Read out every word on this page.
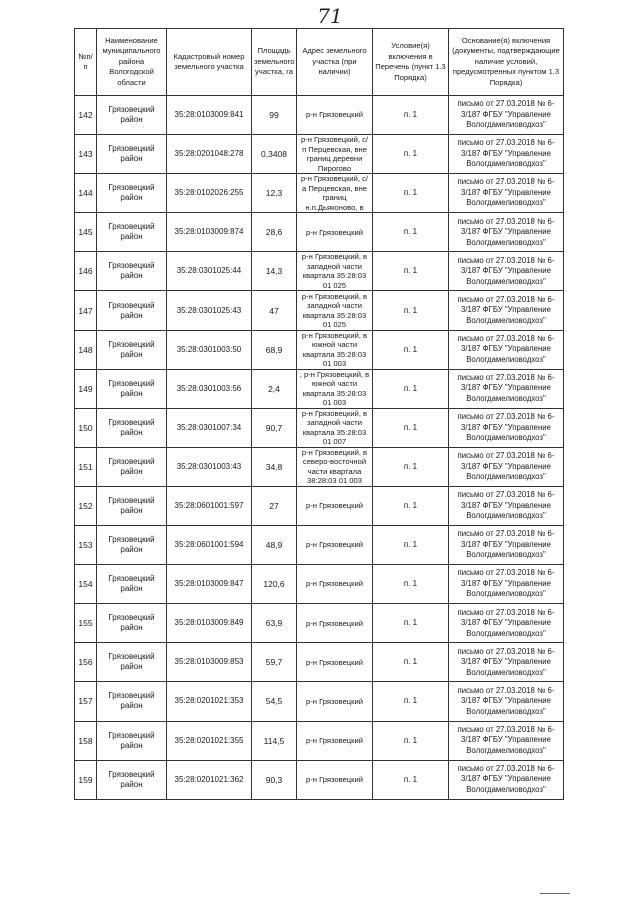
71
№п/п	Наименование муниципального района Вологодской области	Кадастровый номер земельного участка	Площадь земельного участка, га	Адрес земельного участка (при наличии)	Условие(я) включения в Перечень (пункт 1.3 Порядка)	Основание(я) включения (документы, подтверждающие наличие условий, предусмотренных пунктом 1.3 Порядка)

142	Грязовецкий район	35:28:0103009:841	99	р-н Грязовецкий	п. 1	письмо от 27.03.2018 № 6-3/187 ФГБУ "Управление Вологдамелиоводхоз"

143	Грязовецкий район	35:28:0201048:278	0,3408	р-н Грязовецкий, с/п Перцевская, вне границ деревни Пирогово	п. 1	письмо от 27.03.2018 № 6-3/187 ФГБУ "Управление Вологдамелиоводхоз"

144	Грязовецкий район	35:28:0102026:255	12,3	р-н Грязовецкий, с/а Перцевская, вне границ н.п.Дьяконово, в	п. 1	письмо от 27.03.2018 № 6-3/187 ФГБУ "Управление Вологдамелиоводхоз"

145	Грязовецкий район	35:28:0103009:874	28,6	р-н Грязовецкий	п. 1	письмо от 27.03.2018 № 6-3/187 ФГБУ "Управление Вологдамелиоводхоз"

146	Грязовецкий район	35:28:0301025:44	14,3	р-н Грязовецкий, в западной части квартала 35:28:03 01 025	п. 1	письмо от 27.03.2018 № 6-3/187 ФГБУ "Управление Вологдамелиоводхоз"

147	Грязовецкий район	35:28:0301025:43	47	р-н Грязовецкий, в западной части квартала 35:28:03 01 025	п. 1	письмо от 27.03.2018 № 6-3/187 ФГБУ "Управление Вологдамелиоводхоз"

148	Грязовецкий район	35:28:0301003:50	68,9	р-н Грязовецкий, в южной части квартала 35:28:03 01 003	п. 1	письмо от 27.03.2018 № 6-3/187 ФГБУ "Управление Вологдамелиоводхоз"

149	Грязовецкий район	35:28:0301003:56	2,4	, р-н Грязовецкий, в южной части квартала 35:28:03 01 003	п. 1	письмо от 27.03.2018 № 6-3/187 ФГБУ "Управление Вологдамелиоводхоз"

150	Грязовецкий район	35:28:0301007:34	90,7	р-н Грязовецкий, в западной части квартала 35:28:03 01 007	п. 1	письмо от 27.03.2018 № 6-3/187 ФГБУ "Управление Вологдамелиоводхоз"

151	Грязовецкий район	35:28:0301003:43	34,8	р-н Грязовецкий, в северо-восточной части квартала 38:28:03 01 003	п. 1	письмо от 27.03.2018 № 6-3/187 ФГБУ "Управление Вологдамелиоводхоз"

152	Грязовецкий район	35:28:0601001:597	27	р-н Грязовецкий	п. 1	письмо от 27.03.2018 № 6-3/187 ФГБУ "Управление Вологдамелиоводхоз"

153	Грязовецкий район	35:28:0601001:594	48,9	р-н Грязовецкий	п. 1	письмо от 27.03.2018 № 6-3/187 ФГБУ "Управление Вологдамелиоводхоз"

154	Грязовецкий район	35:28:0103009:847	120,6	р-н Грязовецкий	п. 1	письмо от 27.03.2018 № 6-3/187 ФГБУ "Управление Вологдамелиоводхоз"

155	Грязовецкий район	35:28:0103009:849	63,9	р-н Грязовецкий	п. 1	письмо от 27.03.2018 № 6-3/187 ФГБУ "Управление Вологдамелиоводхоз"

156	Грязовецкий район	35:28:0103009:853	59,7	р-н Грязовецкий	п. 1	письмо от 27.03.2018 № 6-3/187 ФГБУ "Управление Вологдамелиоводхоз"

157	Грязовецкий район	35:28:0201021:353	54,5	р-н Грязовецкий	п. 1	письмо от 27.03.2018 № 6-3/187 ФГБУ "Управление Вологдамелиоводхоз"

158	Грязовецкий район	35:28:0201021:355	114,5	р-н Грязовецкий	п. 1	письмо от 27.03.2018 № 6-3/187 ФГБУ "Управление Вологдамелиоводхоз"

159	Грязовецкий район	35:28:0201021:362	90,3	р-н Грязовецкий	п. 1	письмо от 27.03.2018 № 6-3/187 ФГБУ "Управление Вологдамелиоводхоз"
